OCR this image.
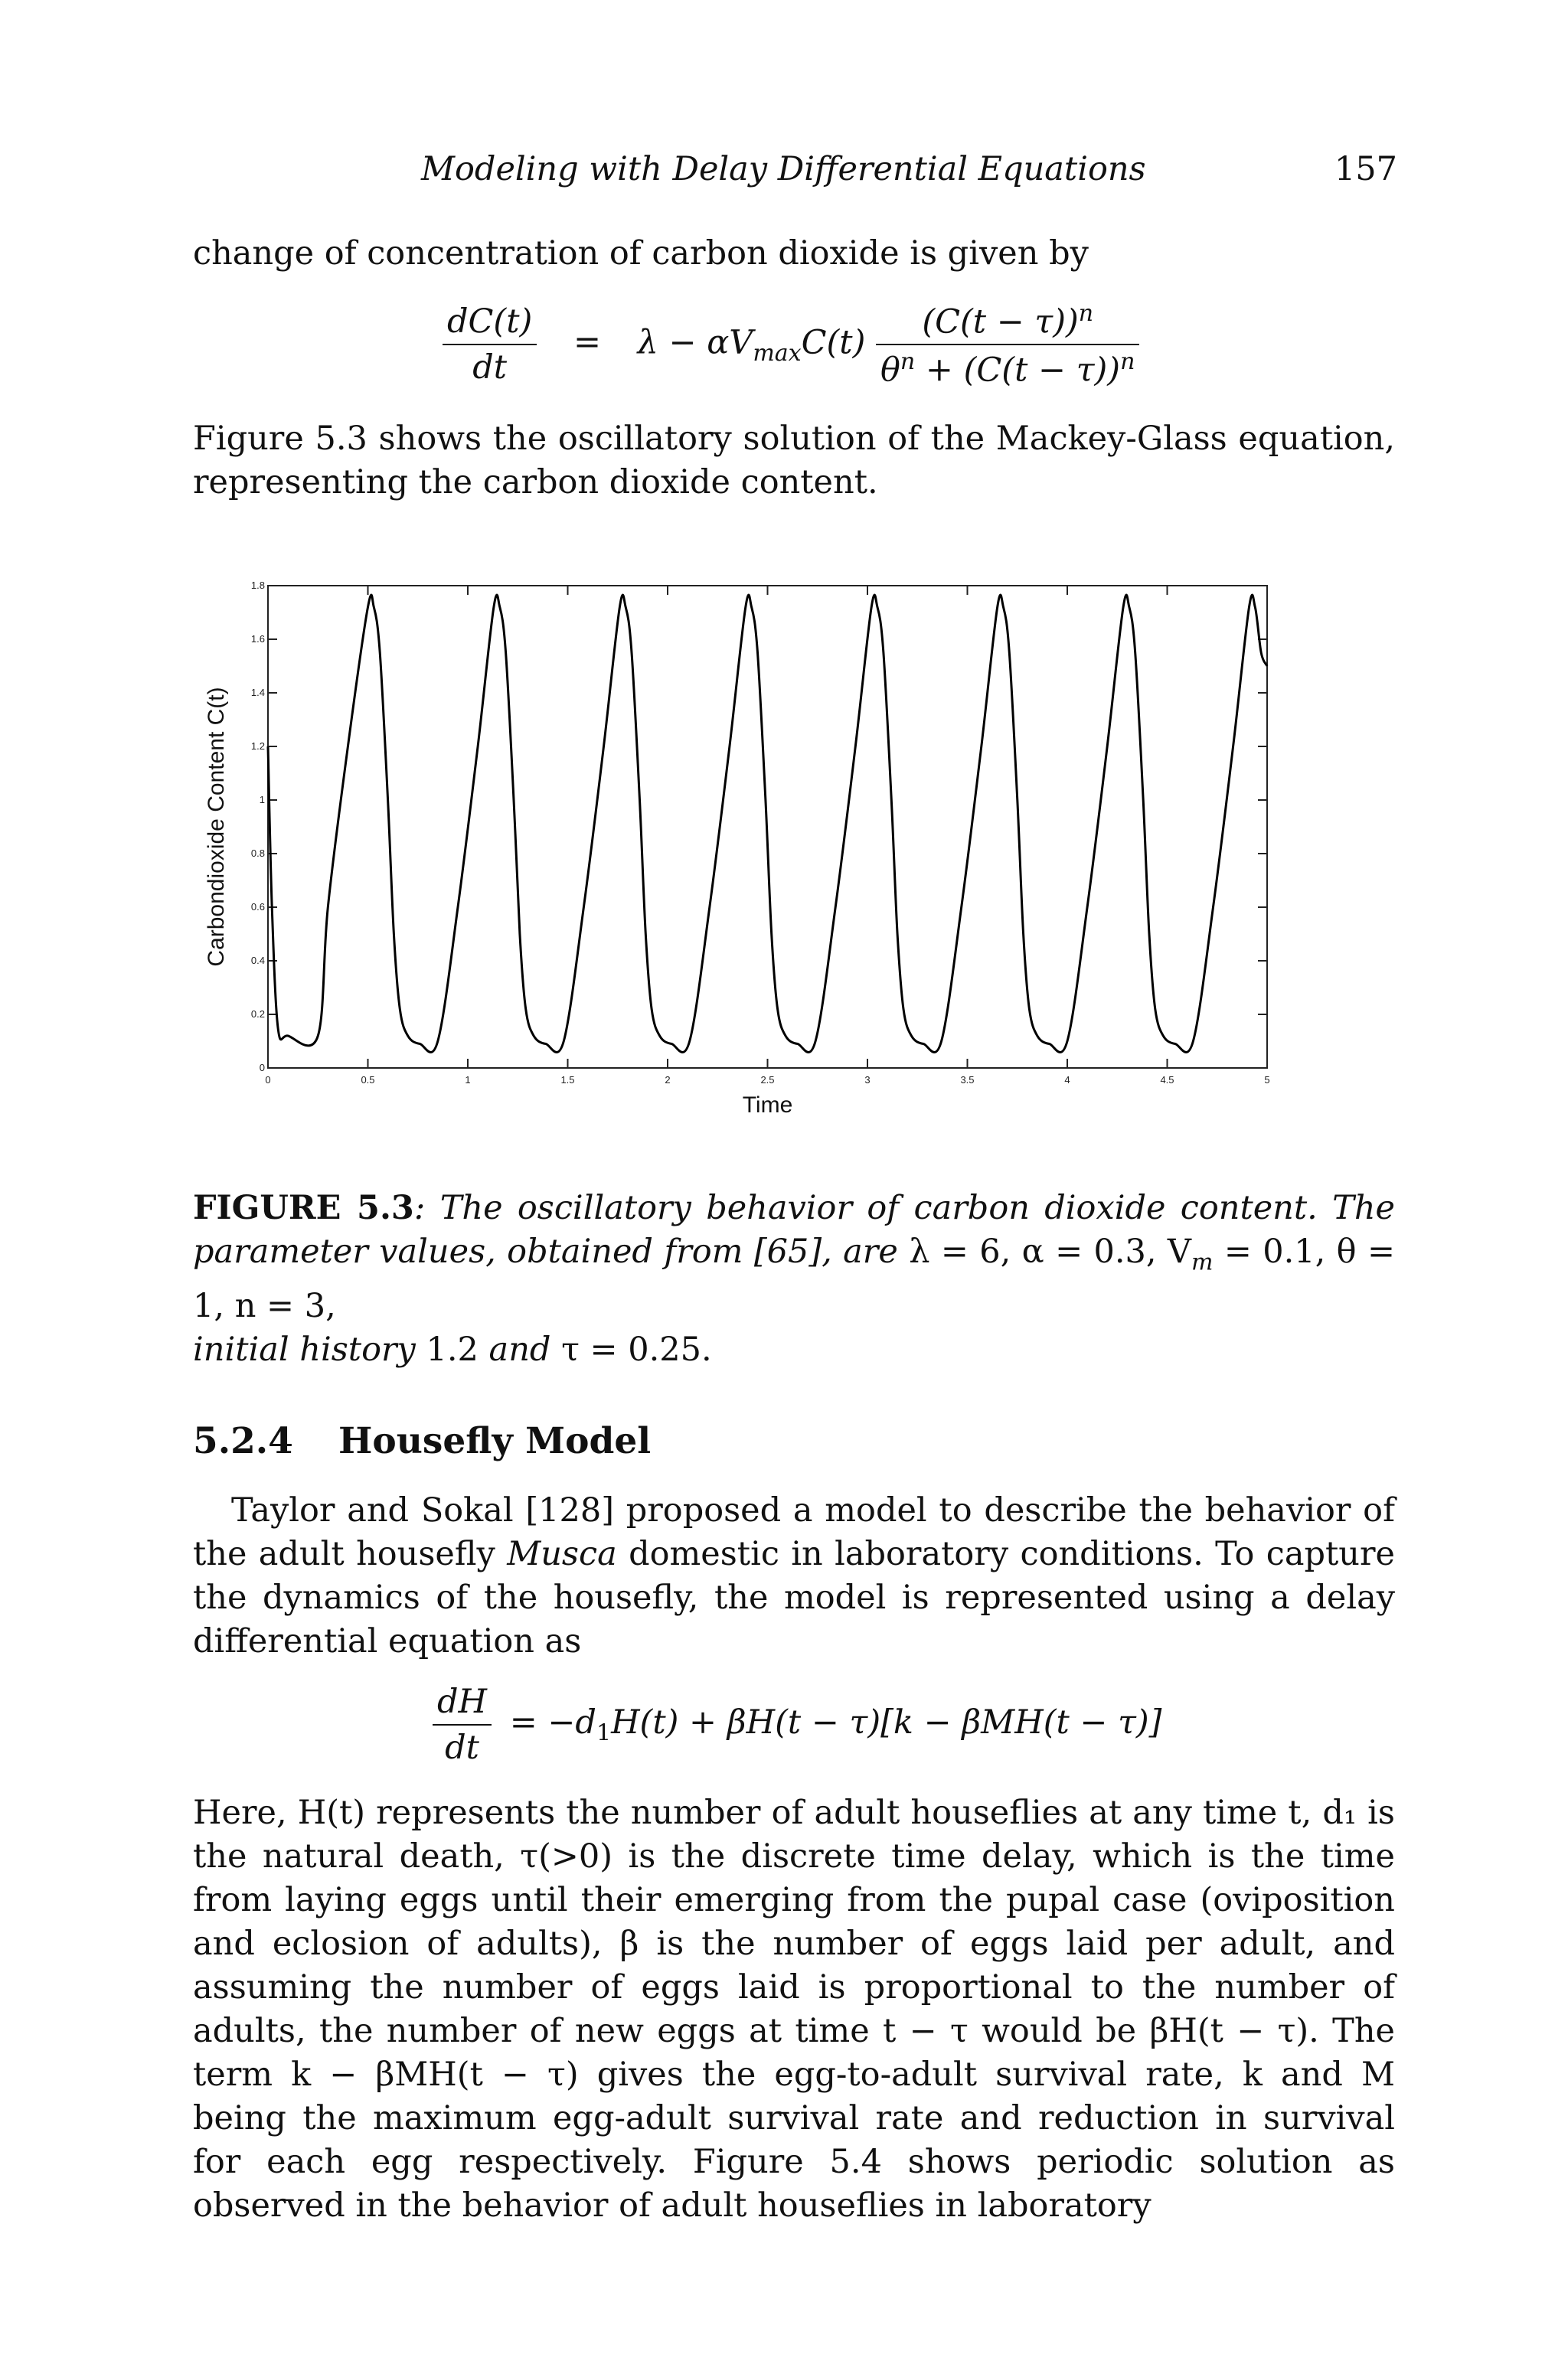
Modeling with Delay Differential Equations	157
change of concentration of carbon dioxide is given by
$\frac{dC(t)}{dt} = \lambda - \alpha V_{max}C(t) \frac{(C(t - \tau))^n}{\theta^n + (C(t - \tau))^n}$
Figure 5.3 shows the oscillatory solution of the Mackey-Glass equation, representing the carbon dioxide content.
0	0.5	1	1.5	2	2.5	3	3.5	4	4.5	5
0
0.2
0.4
0.6
0.8
1
1.2
1.4
1.6
1.8
Time
Carbondioxide Content C(t)
FIGURE 5.3: The oscillatory behavior of carbon dioxide content. The parameter values, obtained from [65], are λ = 6, α = 0.3, $V_m = 0.1$, θ = 1, n = 3,
initial history 1.2 and τ = 0.25.
5.2.4 Housefly Model
Taylor and Sokal [128] proposed a model to describe the behavior of the adult housefly Musca domestic in laboratory conditions. To capture the dynamics of the housefly, the model is represented using a delay differential equation as
$\frac{dH}{dt} = -d_1H(t) + \beta H(t - \tau)[k - \beta MH(t - \tau)]$
Here, H(t) represents the number of adult houseflies at any time t, d₁ is the natural death, τ(>0) is the discrete time delay, which is the time from laying eggs until their emerging from the pupal case (oviposition and eclosion of adults), β is the number of eggs laid per adult, and assuming the number of eggs laid is proportional to the number of adults, the number of new eggs at time t − τ would be βH(t − τ). The term k − βMH(t − τ) gives the egg-to-adult survival rate, k and M being the maximum egg-adult survival rate and reduction in survival for each egg respectively. Figure 5.4 shows periodic solution as observed in the behavior of adult houseflies in laboratory
